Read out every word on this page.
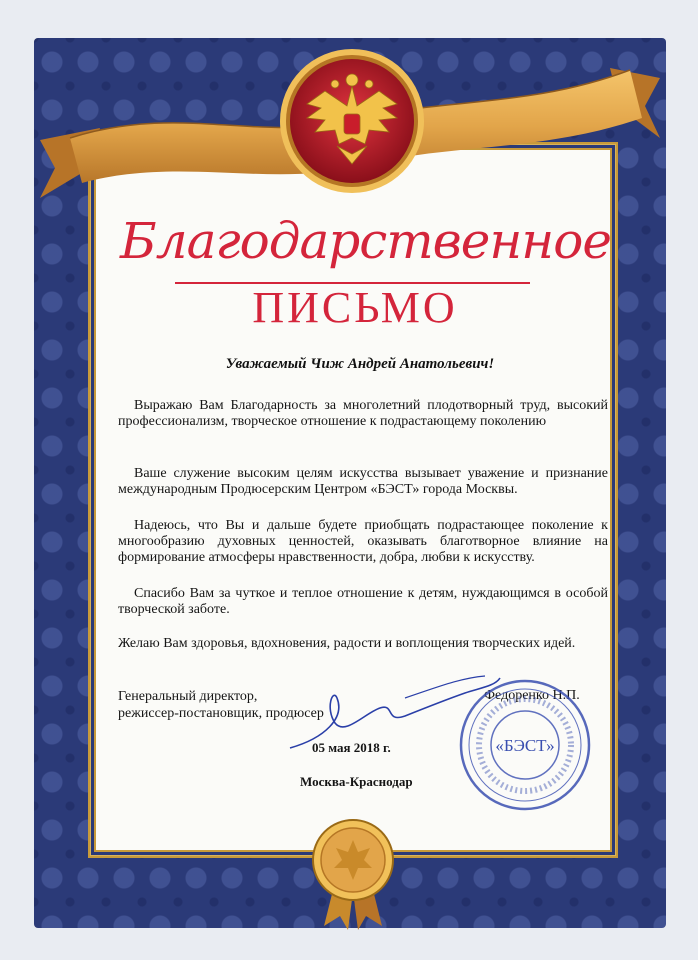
Благодарственное
ПИСЬМО
Уважаемый Чиж Андрей Анатольевич!
Выражаю Вам Благодарность за многолетний плодотворный труд, высокий профессионализм, творческое отношение к подрастающему поколению
Ваше служение высоким целям искусства вызывает уважение и признание международным Продюсерским Центром «БЭСТ» города Москвы.
Надеюсь, что Вы и дальше будете приобщать подрастающее поколение к многообразию духовных ценностей, оказывать благотворное влияние на формирование атмосферы нравственности, добра, любви к искусству.
Спасибо Вам за чуткое и теплое отношение к детям, нуждающимся в особой творческой заботе.
Желаю Вам здоровья, вдохновения, радости и воплощения творческих идей.
Генеральный директор,
режиссер-постановщик, продюсер
Федоренко Н.П.
«БЭСТ»
05 мая 2018 г.
Москва-Краснодар
